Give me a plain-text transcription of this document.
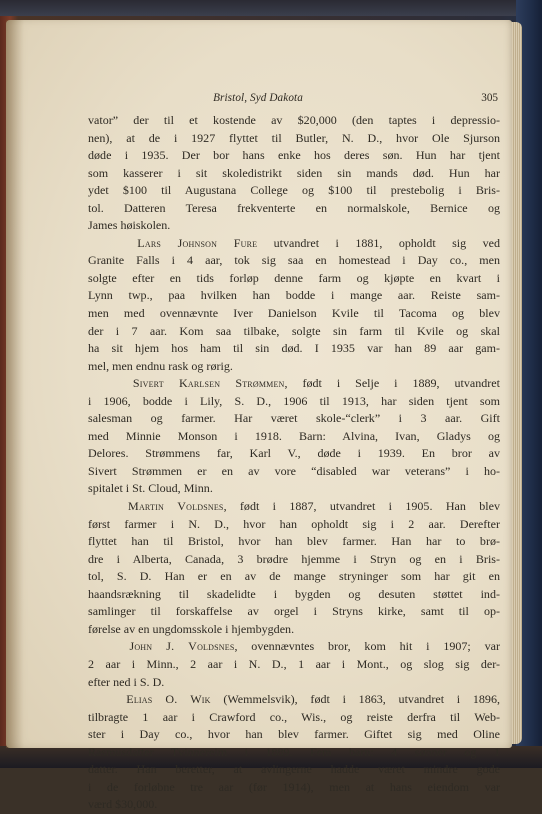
Bristol, Syd Dakota	305

vator” der til et kostende av $20,000 (den taptes i depressio-
nen), at de i 1927 flyttet til Butler, N. D., hvor Ole Sjurson
døde i 1935. Der bor hans enke hos deres søn. Hun har tjent
som kasserer i sit skoledistrikt siden sin mands død. Hun har
ydet $100 til Augustana College og $100 til prestebolig i Bris-
tol. Datteren Teresa frekventerte en normalskole, Bernice og
James høiskolen.

Lars Johnson Fure utvandret i 1881, opholdt sig ved
Granite Falls i 4 aar, tok sig saa en homestead i Day co., men
solgte efter en tids forløp denne farm og kjøpte en kvart i
Lynn twp., paa hvilken han bodde i mange aar. Reiste sam-
men med ovennævnte Iver Danielson Kvile til Tacoma og blev
der i 7 aar. Kom saa tilbake, solgte sin farm til Kvile og skal
ha sit hjem hos ham til sin død. I 1935 var han 89 aar gam-
mel, men endnu rask og rørig.

Sivert Karlsen Strømmen, født i Selje i 1889, utvandret
i 1906, bodde i Lily, S. D., 1906 til 1913, har siden tjent som
salesman og farmer. Har været skole-“clerk” i 3 aar. Gift
med Minnie Monson i 1918. Barn: Alvina, Ivan, Gladys og
Delores. Strømmens far, Karl V., døde i 1939. En bror av
Sivert Strømmen er en av vore “disabled war veterans” i ho-
spitalet i St. Cloud, Minn.

Martin Voldsnes, født i 1887, utvandret i 1905. Han blev
først farmer i N. D., hvor han opholdt sig i 2 aar. Derefter
flyttet han til Bristol, hvor han blev farmer. Han har to brø-
dre i Alberta, Canada, 3 brødre hjemme i Stryn og en i Bris-
tol, S. D. Han er en av de mange stryninger som har git en
haandsrækning til skadelidte i bygden og desuten støttet ind-
samlinger til forskaffelse av orgel i Stryns kirke, samt til op-
førelse av en ungdomsskole i hjembygden.

John J. Voldsnes, ovennævntes bror, kom hit i 1907; var
2 aar i Minn., 2 aar i N. D., 1 aar i Mont., og slog sig der-
efter ned i S. D.

Elias O. Wik (Wemmelsvik), født i 1863, utvandret i 1896,
tilbragte 1 aar i Crawford co., Wis., og reiste derfra til Web-
ster i Day co., hvor han blev farmer. Giftet sig med Oline
Rasmusdatter Tvinnereim i 1889. Fem barn: 4 sønner og 1
datter. Han beretter, at avlingerne hadde været mindre gode
i de forløbne tre aar (før 1914), men at hans eiendom var
værd $30,000.
